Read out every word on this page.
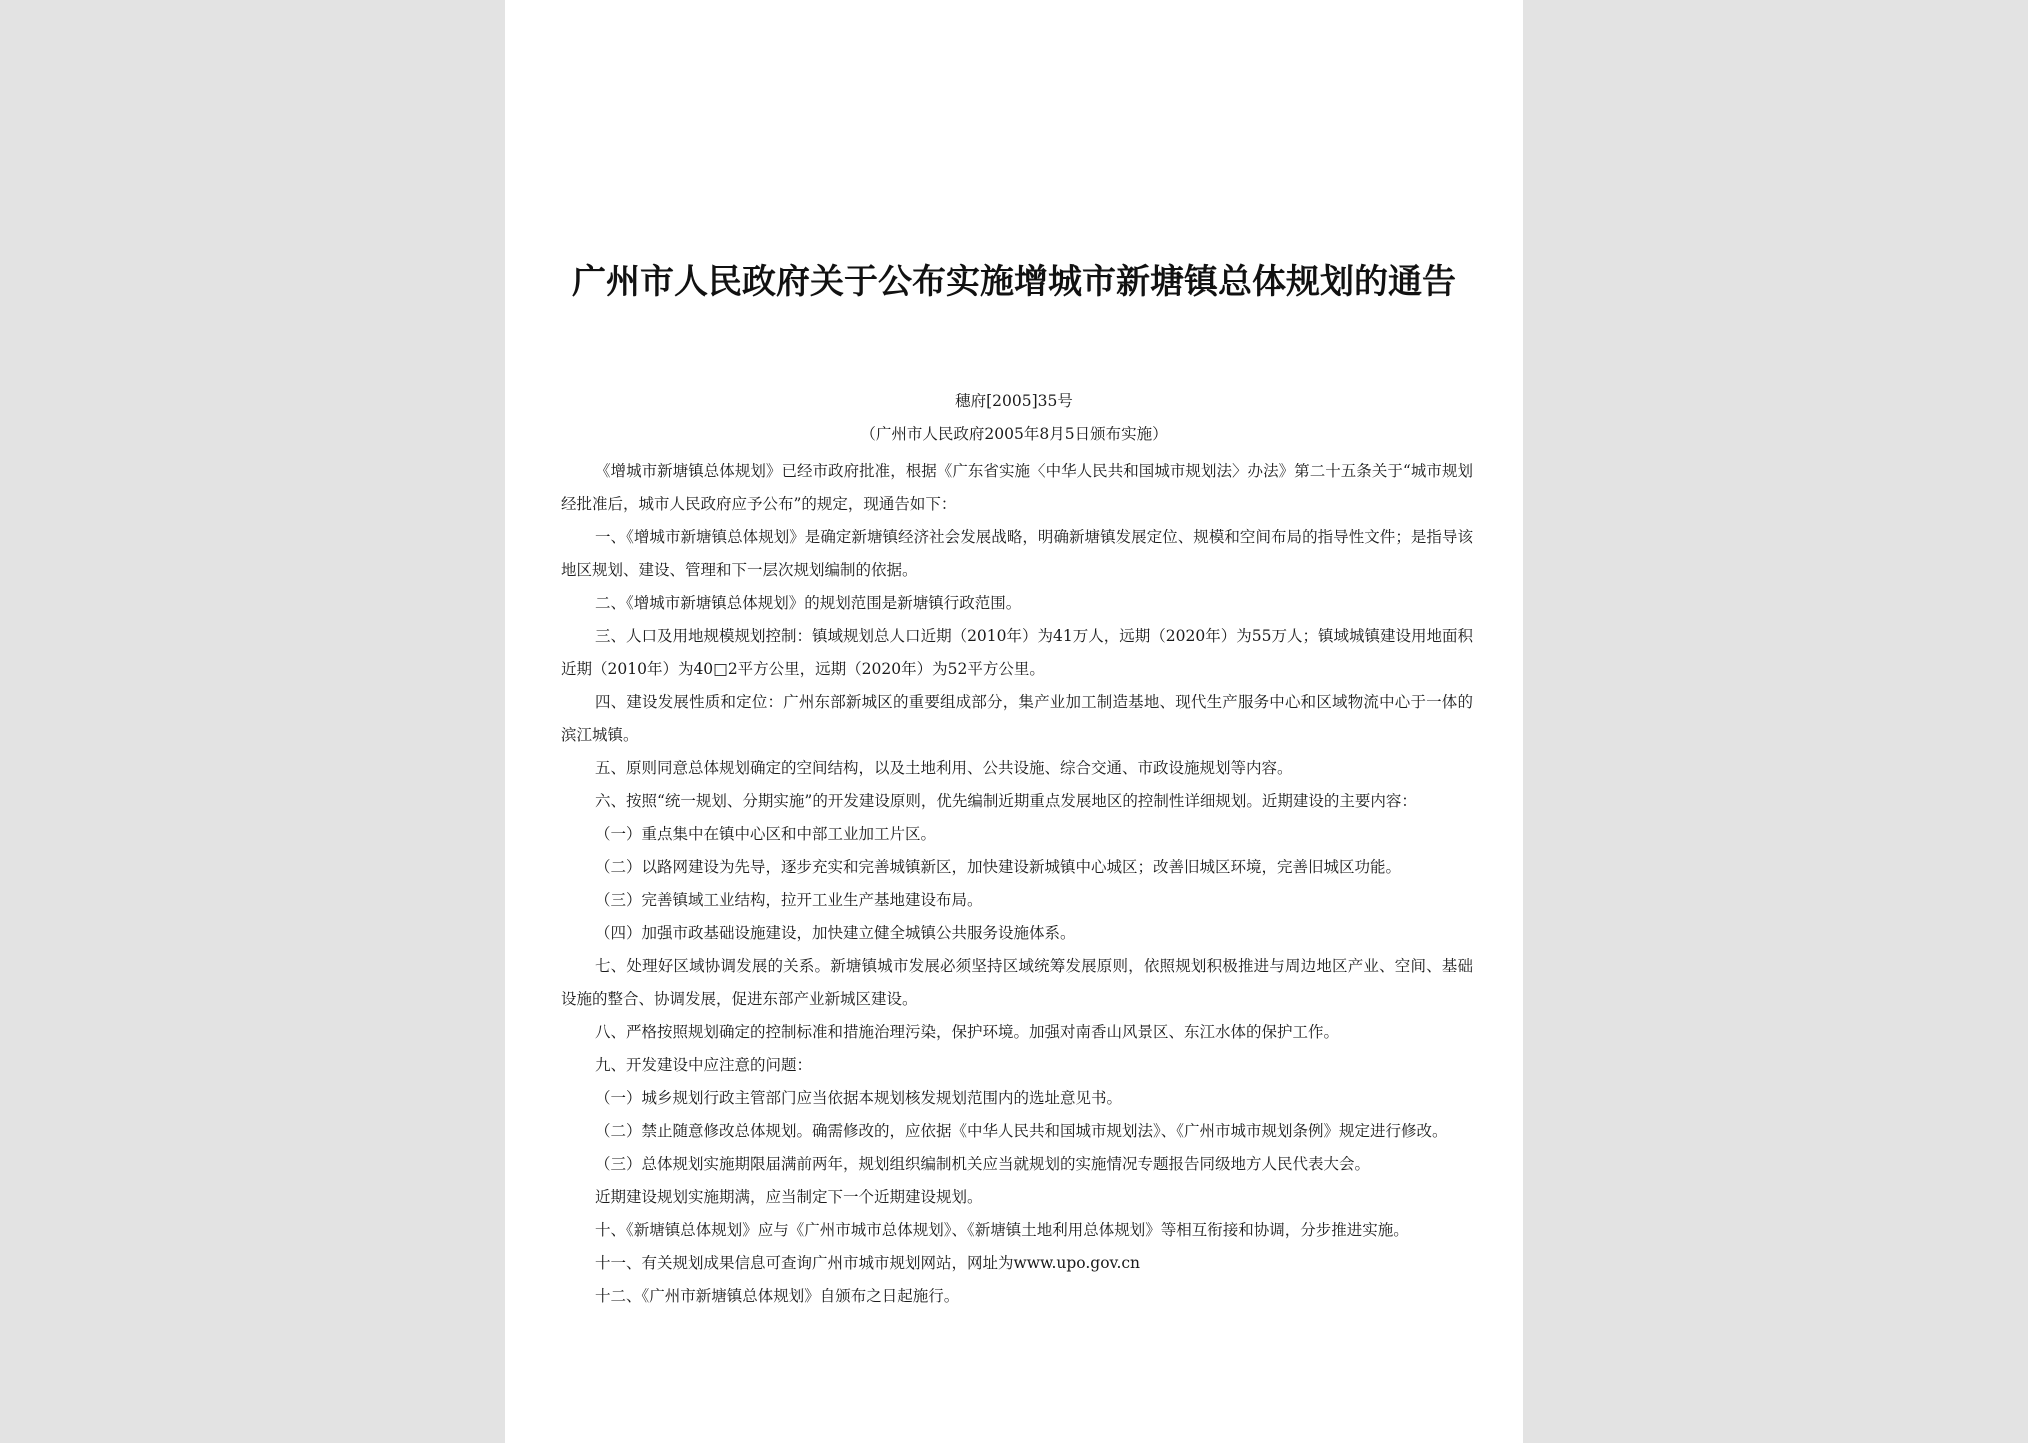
广州市人民政府关于公布实施增城市新塘镇总体规划的通告

穗府[2005]35号

（广州市人民政府2005年8月5日颁布实施）

《增城市新塘镇总体规划》已经市政府批准，根据《广东省实施〈中华人民共和国城市规划法〉办法》第二十五条关于“城市规划经批准后，城市人民政府应予公布”的规定，现通告如下：

一、《增城市新塘镇总体规划》是确定新塘镇经济社会发展战略，明确新塘镇发展定位、规模和空间布局的指导性文件；是指导该地区规划、建设、管理和下一层次规划编制的依据。

二、《增城市新塘镇总体规划》的规划范围是新塘镇行政范围。

三、人口及用地规模规划控制：镇域规划总人口近期（2010年）为41万人，远期（2020年）为55万人；镇域城镇建设用地面积近期（2010年）为40□2平方公里，远期（2020年）为52平方公里。

四、建设发展性质和定位：广州东部新城区的重要组成部分，集产业加工制造基地、现代生产服务中心和区域物流中心于一体的滨江城镇。

五、原则同意总体规划确定的空间结构，以及土地利用、公共设施、综合交通、市政设施规划等内容。

六、按照“统一规划、分期实施”的开发建设原则，优先编制近期重点发展地区的控制性详细规划。近期建设的主要内容：

（一）重点集中在镇中心区和中部工业加工片区。

（二）以路网建设为先导，逐步充实和完善城镇新区，加快建设新城镇中心城区；改善旧城区环境，完善旧城区功能。

（三）完善镇域工业结构，拉开工业生产基地建设布局。

（四）加强市政基础设施建设，加快建立健全城镇公共服务设施体系。

七、处理好区域协调发展的关系。新塘镇城市发展必须坚持区域统筹发展原则，依照规划积极推进与周边地区产业、空间、基础设施的整合、协调发展，促进东部产业新城区建设。

八、严格按照规划确定的控制标准和措施治理污染，保护环境。加强对南香山风景区、东江水体的保护工作。

九、开发建设中应注意的问题：

（一）城乡规划行政主管部门应当依据本规划核发规划范围内的选址意见书。

（二）禁止随意修改总体规划。确需修改的，应依据《中华人民共和国城市规划法》、《广州市城市规划条例》规定进行修改。

（三）总体规划实施期限届满前两年，规划组织编制机关应当就规划的实施情况专题报告同级地方人民代表大会。

近期建设规划实施期满，应当制定下一个近期建设规划。

十、《新塘镇总体规划》应与《广州市城市总体规划》、《新塘镇土地利用总体规划》等相互衔接和协调，分步推进实施。

十一、有关规划成果信息可查询广州市城市规划网站，网址为www.upo.gov.cn

十二、《广州市新塘镇总体规划》自颁布之日起施行。
